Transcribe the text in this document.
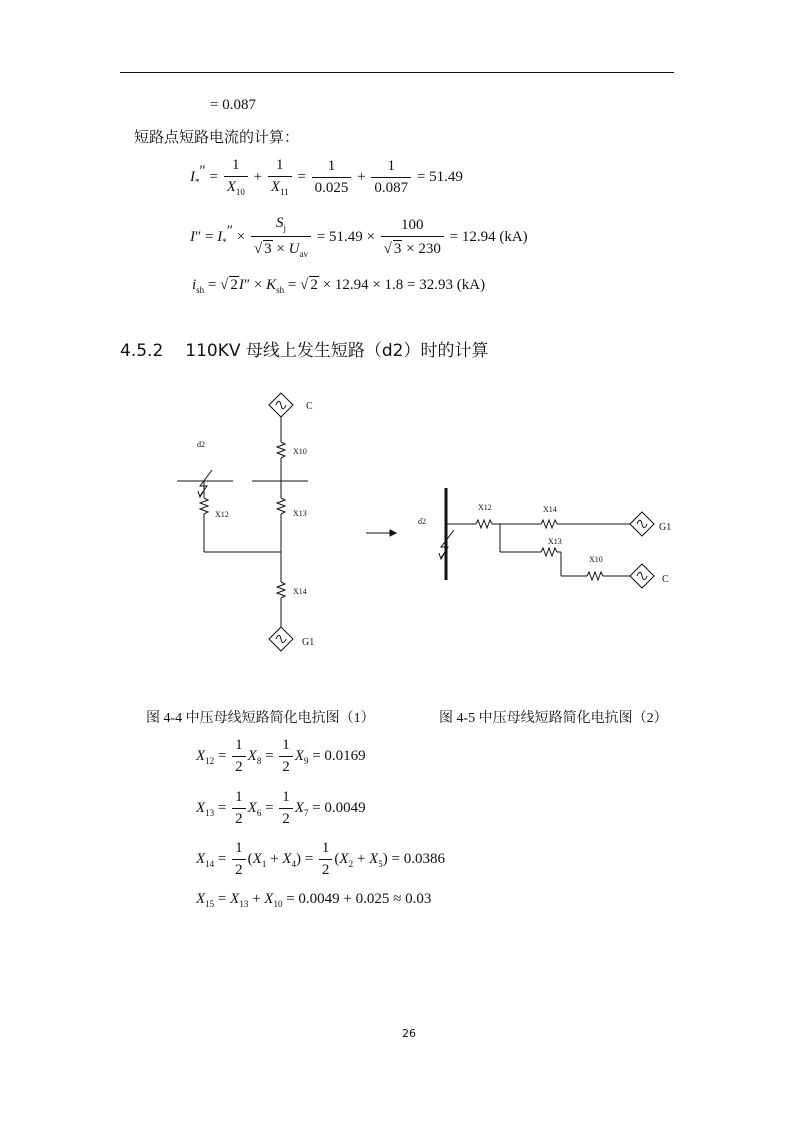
= 0.087
短路点短路电流的计算：
$I_*'' = \frac{1}{X_{10}} + \frac{1}{X_{11}} = \frac{1}{0.025} + \frac{1}{0.087} = 51.49$
$I'' = I_*'' \times \frac{S_j}{√ 3 \times U_{av}} = 51.49 \times \frac{100}{√ 3 \times 230} = 12.94$ (kA)
$i_{sh}$ = √ $2I'' \times K_{sh}$ = √ 2 × 12.94 × 1.8 = 32.93 (kA)
4.5.2 110KV 母线上发生短路（d2）时的计算
C
X10
d2
X12	X13
X14
G1
d2
X12	X14
G1
X13
X10
C
图 4-4 中压母线短路简化电抗图（1）	图 4-5 中压母线短路简化电抗图（2）
$X_{12} = \frac{1}{2} X_8 = \frac{1}{2} X_9 = 0.0169$
$X_{13} = \frac{1}{2} X_6 = \frac{1}{2} X_7 = 0.0049$
$X_{14} = \frac{1}{2} (X_1 + X_4) = \frac{1}{2} (X_2 + X_5) = 0.0386$
$X_{15} = X_{13} + X_{10} = 0.0049 + 0.025 \approx 0.03$
26
